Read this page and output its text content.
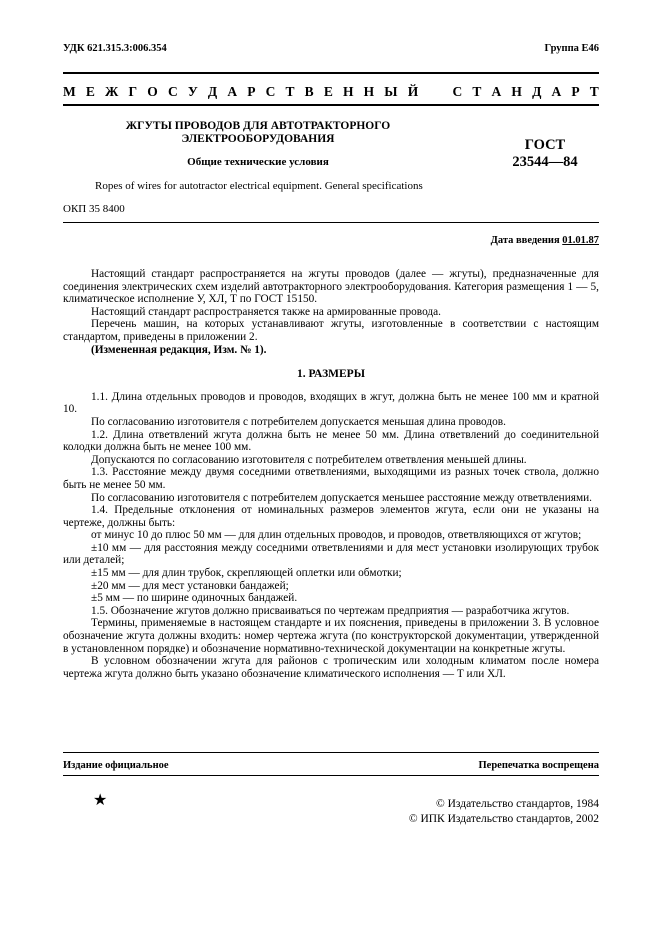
УДК 621.315.3:006.354	Группа Е46
М Е Ж Г О С У Д А Р С Т В Е Н Н Ы Й	С Т А Н Д А Р Т
ЖГУТЫ ПРОВОДОВ ДЛЯ АВТОТРАКТОРНОГО
ЭЛЕКТРООБОРУДОВАНИЯ
Общие технические условия
ГОСТ
23544—84
Ropes of wires for autotractor electrical equipment. General specifications
ОКП 35 8400
Дата введения 01.01.87

Настоящий стандарт распространяется на жгуты проводов (далее — жгуты), предназначенные для соединения электрических схем изделий автотракторного электрооборудования. Категория размещения 1 — 5, климатическое исполнение У, ХЛ, Т по ГОСТ 15150.

Настоящий стандарт распространяется также на армированные провода.

Перечень машин, на которых устанавливают жгуты, изготовленные в соответствии с настоящим стандартом, приведены в приложении 2.

(Измененная редакция, Изм. № 1).

1. РАЗМЕРЫ

1.1. Длина отдельных проводов и проводов, входящих в жгут, должна быть не менее 100 мм и кратной 10.

По согласованию изготовителя с потребителем допускается меньшая длина проводов.

1.2. Длина ответвлений жгута должна быть не менее 50 мм. Длина ответвлений до соединительной колодки должна быть не менее 100 мм.

Допускаются по согласованию изготовителя с потребителем ответвления меньшей длины.

1.3. Расстояние между двумя соседними ответвлениями, выходящими из разных точек ствола, должно быть не менее 50 мм.

По согласованию изготовителя с потребителем допускается меньшее расстояние между ответвлениями.

1.4. Предельные отклонения от номинальных размеров элементов жгута, если они не указаны на чертеже, должны быть:

от минус 10 до плюс 50 мм — для длин отдельных проводов, и проводов, ответвляющихся от жгутов;

±10 мм — для расстояния между соседними ответвлениями и для мест установки изолирующих трубок или деталей;

±15 мм — для длин трубок, скрепляющей оплетки или обмотки;

±20 мм — для мест установки бандажей;

±5 мм — по ширине одиночных бандажей.

1.5. Обозначение жгутов должно присваиваться по чертежам предприятия — разработчика жгутов.

Термины, применяемые в настоящем стандарте и их пояснения, приведены в приложении 3. В условное обозначение жгута должны входить: номер чертежа жгута (по конструкторской документации, утвержденной в установленном порядке) и обозначение нормативно-технической документации на конкретные жгуты.

В условном обозначении жгута для районов с тропическим или холодным климатом после номера чертежа жгута должно быть указано обозначение климатического исполнения — Т или ХЛ.

Издание официальное	Перепечатка воспрещена
★	© Издательство стандартов, 1984
© ИПК Издательство стандартов, 2002
